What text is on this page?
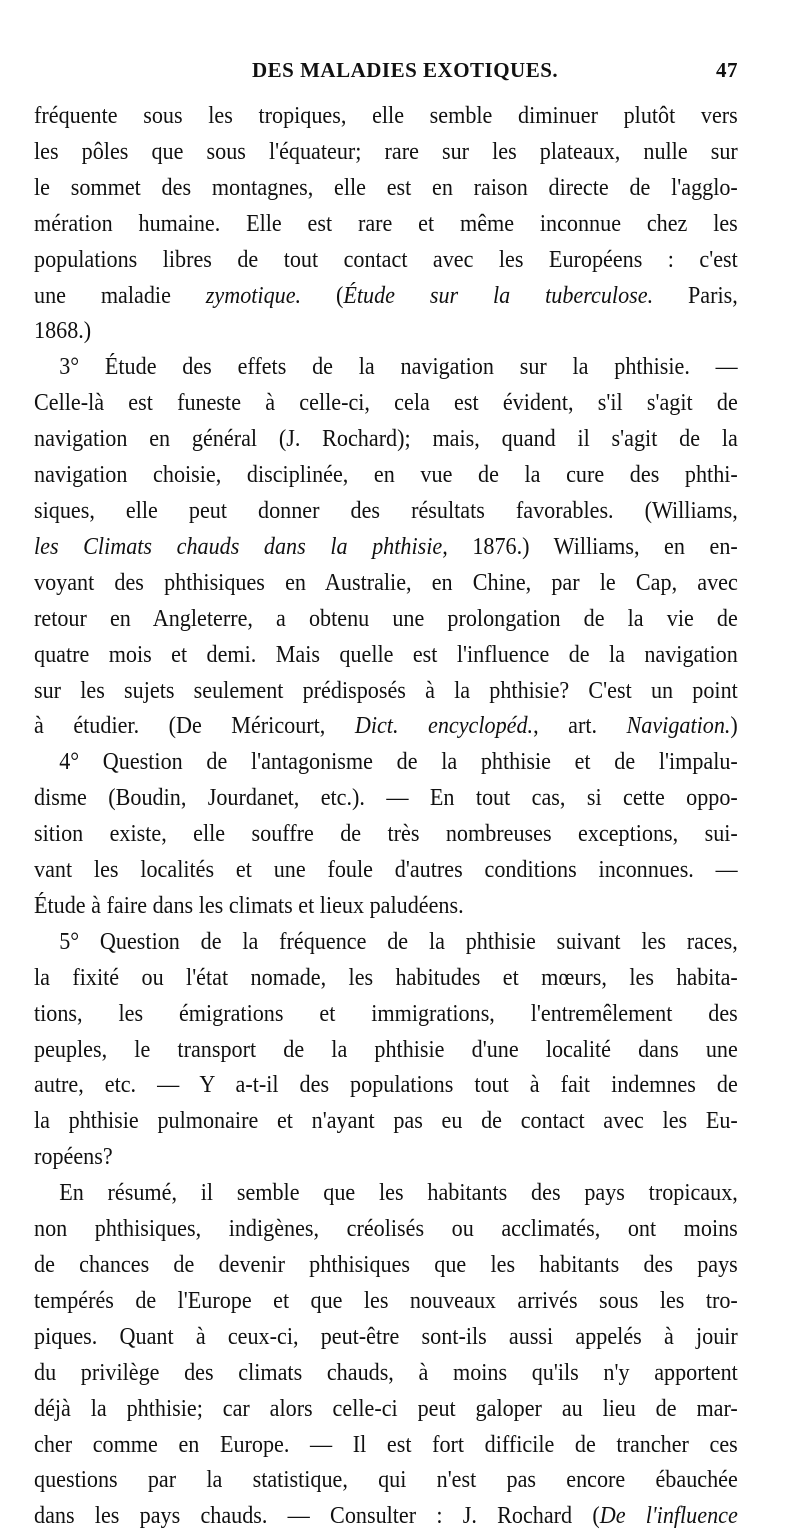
DES MALADIES EXOTIQUES.	47
fréquente sous les tropiques, elle semble diminuer plutôt vers
les pôles que sous l'équateur; rare sur les plateaux, nulle sur
le sommet des montagnes, elle est en raison directe de l'agglo-
mération humaine. Elle est rare et même inconnue chez les
populations libres de tout contact avec les Européens : c'est
une maladie zymotique. (Étude sur la tuberculose. Paris,
1868.)
3° Étude des effets de la navigation sur la phthisie. —
Celle-là est funeste à celle-ci, cela est évident, s'il s'agit de
navigation en général (J. Rochard); mais, quand il s'agit de la
navigation choisie, disciplinée, en vue de la cure des phthi-
siques, elle peut donner des résultats favorables. (Williams,
les Climats chauds dans la phthisie, 1876.) Williams, en en-
voyant des phthisiques en Australie, en Chine, par le Cap, avec
retour en Angleterre, a obtenu une prolongation de la vie de
quatre mois et demi. Mais quelle est l'influence de la navigation
sur les sujets seulement prédisposés à la phthisie? C'est un point
à étudier. (De Méricourt, Dict. encyclopéd., art. Navigation.)
4° Question de l'antagonisme de la phthisie et de l'impalu-
disme (Boudin, Jourdanet, etc.). — En tout cas, si cette oppo-
sition existe, elle souffre de très nombreuses exceptions, sui-
vant les localités et une foule d'autres conditions inconnues. —
Étude à faire dans les climats et lieux paludéens.
5° Question de la fréquence de la phthisie suivant les races,
la fixité ou l'état nomade, les habitudes et mœurs, les habita-
tions, les émigrations et immigrations, l'entremêlement des
peuples, le transport de la phthisie d'une localité dans une
autre, etc. — Y a-t-il des populations tout à fait indemnes de
la phthisie pulmonaire et n'ayant pas eu de contact avec les Eu-
ropéens?
En résumé, il semble que les habitants des pays tropicaux,
non phthisiques, indigènes, créolisés ou acclimatés, ont moins
de chances de devenir phthisiques que les habitants des pays
tempérés de l'Europe et que les nouveaux arrivés sous les tro-
piques. Quant à ceux-ci, peut-être sont-ils aussi appelés à jouir
du privilège des climats chauds, à moins qu'ils n'y apportent
déjà la phthisie; car alors celle-ci peut galoper au lieu de mar-
cher comme en Europe. — Il est fort difficile de trancher ces
questions par la statistique, qui n'est pas encore ébauchée
dans les pays chauds. — Consulter : J. Rochard (De l'influence
